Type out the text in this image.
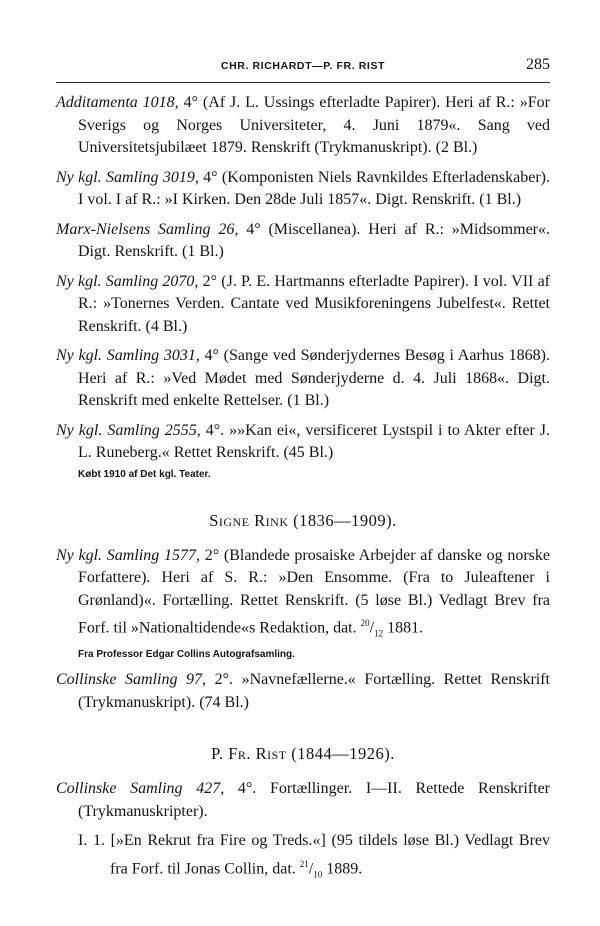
CHR. RICHARDT—P. FR. RIST	285

Additamenta 1018, 4° (Af J. L. Ussings efterladte Papirer). Heri af R.: »For Sverigs og Norges Universiteter, 4. Juni 1879«. Sang ved Universitetsjubilæet 1879. Renskrift (Trykmanuskript). (2 Bl.)

Ny kgl. Samling 3019, 4° (Komponisten Niels Ravnkildes Efterladenskaber). I vol. I af R.: »I Kirken. Den 28de Juli 1857«. Digt. Renskrift. (1 Bl.)

Marx-Nielsens Samling 26, 4° (Miscellanea). Heri af R.: »Midsommer«. Digt. Renskrift. (1 Bl.)

Ny kgl. Samling 2070, 2° (J. P. E. Hartmanns efterladte Papirer). I vol. VII af R.: »Tonernes Verden. Cantate ved Musikforeningens Jubelfest«. Rettet Renskrift. (4 Bl.)

Ny kgl. Samling 3031, 4° (Sange ved Sønderjydernes Besøg i Aarhus 1868). Heri af R.: »Ved Mødet med Sønderjyderne d. 4. Juli 1868«. Digt. Renskrift med enkelte Rettelser. (1 Bl.)

Ny kgl. Samling 2555, 4°. »»Kan ei«, versificeret Lystspil i to Akter efter J. L. Runeberg.« Rettet Renskrift. (45 Bl.)

Købt 1910 af Det kgl. Teater.
Signe Rink (1836—1909).

Ny kgl. Samling 1577, 2° (Blandede prosaiske Arbejder af danske og norske Forfattere). Heri af S. R.: »Den Ensomme. (Fra to Juleaftener i Grønland)«. Fortælling. Rettet Renskrift. (5 løse Bl.) Vedlagt Brev fra Forf. til »Nationaltidende«s Redaktion, dat. $^{20}/_{12}$ 1881.

Fra Professor Edgar Collins Autografsamling.

Collinske Samling 97, 2°. »Navnefællerne.« Fortælling. Rettet Renskrift (Trykmanuskript). (74 Bl.)

P. Fr. Rist (1844—1926).

Collinske Samling 427, 4°. Fortællinger. I—II. Rettede Renskrifter (Trykmanuskripter).

I. 1. [»En Rekrut fra Fire og Treds.«] (95 tildels løse Bl.) Vedlagt Brev fra Forf. til Jonas Collin, dat. $^{21}/_{10}$ 1889.
